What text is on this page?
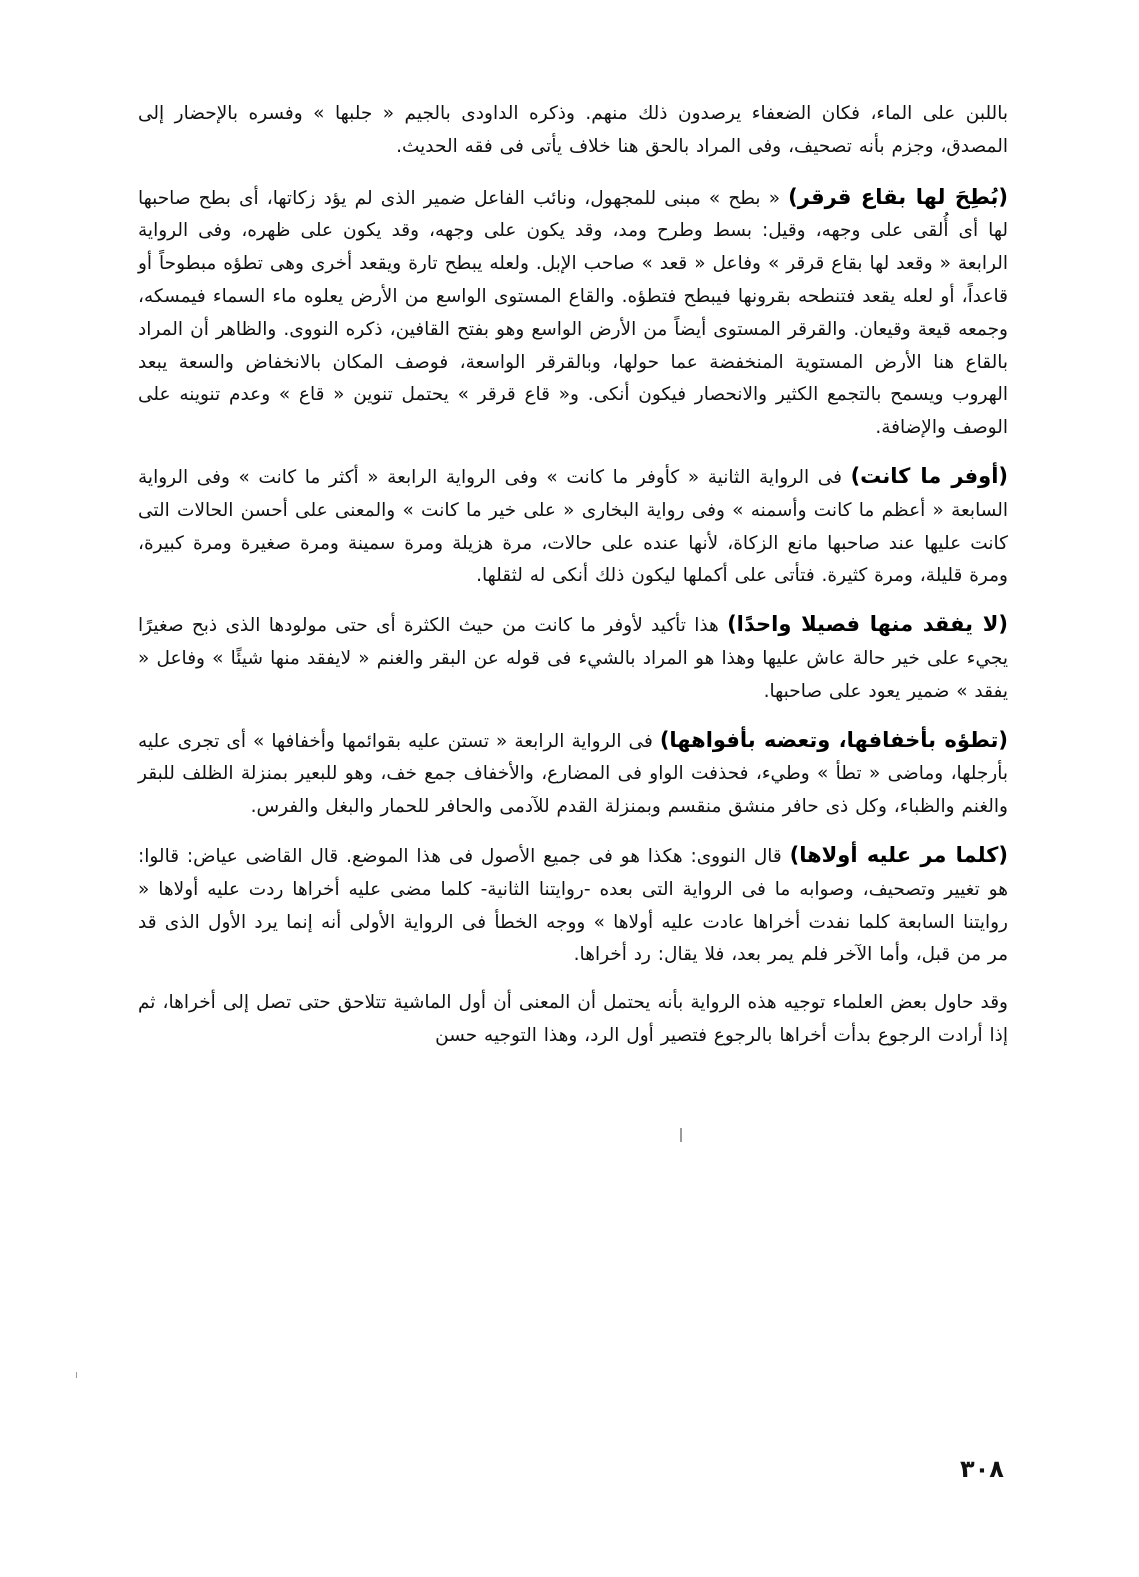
باللبن على الماء، فكان الضعفاء يرصدون ذلك منهم. وذكره الداودى بالجيم « جلبها » وفسره بالإحضار إلى المصدق، وجزم بأنه تصحيف، وفى المراد بالحق هنا خلاف يأتى فى فقه الحديث.

(بُطِحَ لها بقاع قرقر) « بطح » مبنى للمجهول، ونائب الفاعل ضمير الذى لم يؤد زكاتها، أى بطح صاحبها لها أى أُلقى على وجهه، وقيل: بسط وطرح ومد، وقد يكون على وجهه، وقد يكون على ظهره، وفى الرواية الرابعة « وقعد لها بقاع قرقر » وفاعل « قعد » صاحب الإبل. ولعله يبطح تارة ويقعد أخرى وهى تطؤه مبطوحاً أو قاعداً، أو لعله يقعد فتنطحه بقرونها فيبطح فتطؤه. والقاع المستوى الواسع من الأرض يعلوه ماء السماء فيمسكه، وجمعه قيعة وقيعان. والقرقر المستوى أيضاً من الأرض الواسع وهو بفتح القافين، ذكره النووى. والظاهر أن المراد بالقاع هنا الأرض المستوية المنخفضة عما حولها، وبالقرقر الواسعة، فوصف المكان بالانخفاض والسعة يبعد الهروب ويسمح بالتجمع الكثير والانحصار فيكون أنكى. و« قاع قرقر » يحتمل تنوين « قاع » وعدم تنوينه على الوصف والإضافة.

(أوفر ما كانت) فى الرواية الثانية « كأوفر ما كانت » وفى الرواية الرابعة « أكثر ما كانت » وفى الرواية السابعة « أعظم ما كانت وأسمنه » وفى رواية البخارى « على خير ما كانت » والمعنى على أحسن الحالات التى كانت عليها عند صاحبها مانع الزكاة، لأنها عنده على حالات، مرة هزيلة ومرة سمينة ومرة صغيرة ومرة كبيرة، ومرة قليلة، ومرة كثيرة. فتأتى على أكملها ليكون ذلك أنكى له لثقلها.

(لا يفقد منها فصيلا واحدًا) هذا تأكيد لأوفر ما كانت من حيث الكثرة أى حتى مولودها الذى ذبح صغيرًا يجيء على خير حالة عاش عليها وهذا هو المراد بالشيء فى قوله عن البقر والغنم « لايفقد منها شيئًا » وفاعل « يفقد » ضمير يعود على صاحبها.

(تطؤه بأخفافها، وتعضه بأفواهها) فى الرواية الرابعة « تستن عليه بقوائمها وأخفافها » أى تجرى عليه بأرجلها، وماضى « تطأ » وطيء، فحذفت الواو فى المضارع، والأخفاف جمع خف، وهو للبعير بمنزلة الظلف للبقر والغنم والظباء، وكل ذى حافر منشق منقسم وبمنزلة القدم للآدمى والحافر للحمار والبغل والفرس.

(كلما مر عليه أولاها) قال النووى: هكذا هو فى جميع الأصول فى هذا الموضع. قال القاضى عياض: قالوا: هو تغيير وتصحيف، وصوابه ما فى الرواية التى بعده -روايتنا الثانية- كلما مضى عليه أخراها ردت عليه أولاها « روايتنا السابعة كلما نفدت أخراها عادت عليه أولاها » ووجه الخطأ فى الرواية الأولى أنه إنما يرد الأول الذى قد مر من قبل، وأما الآخر فلم يمر بعد، فلا يقال: رد أخراها.

وقد حاول بعض العلماء توجيه هذه الرواية بأنه يحتمل أن المعنى أن أول الماشية تتلاحق حتى تصل إلى أخراها، ثم إذا أرادت الرجوع بدأت أخراها بالرجوع فتصير أول الرد، وهذا التوجيه حسن

٣٠٨
